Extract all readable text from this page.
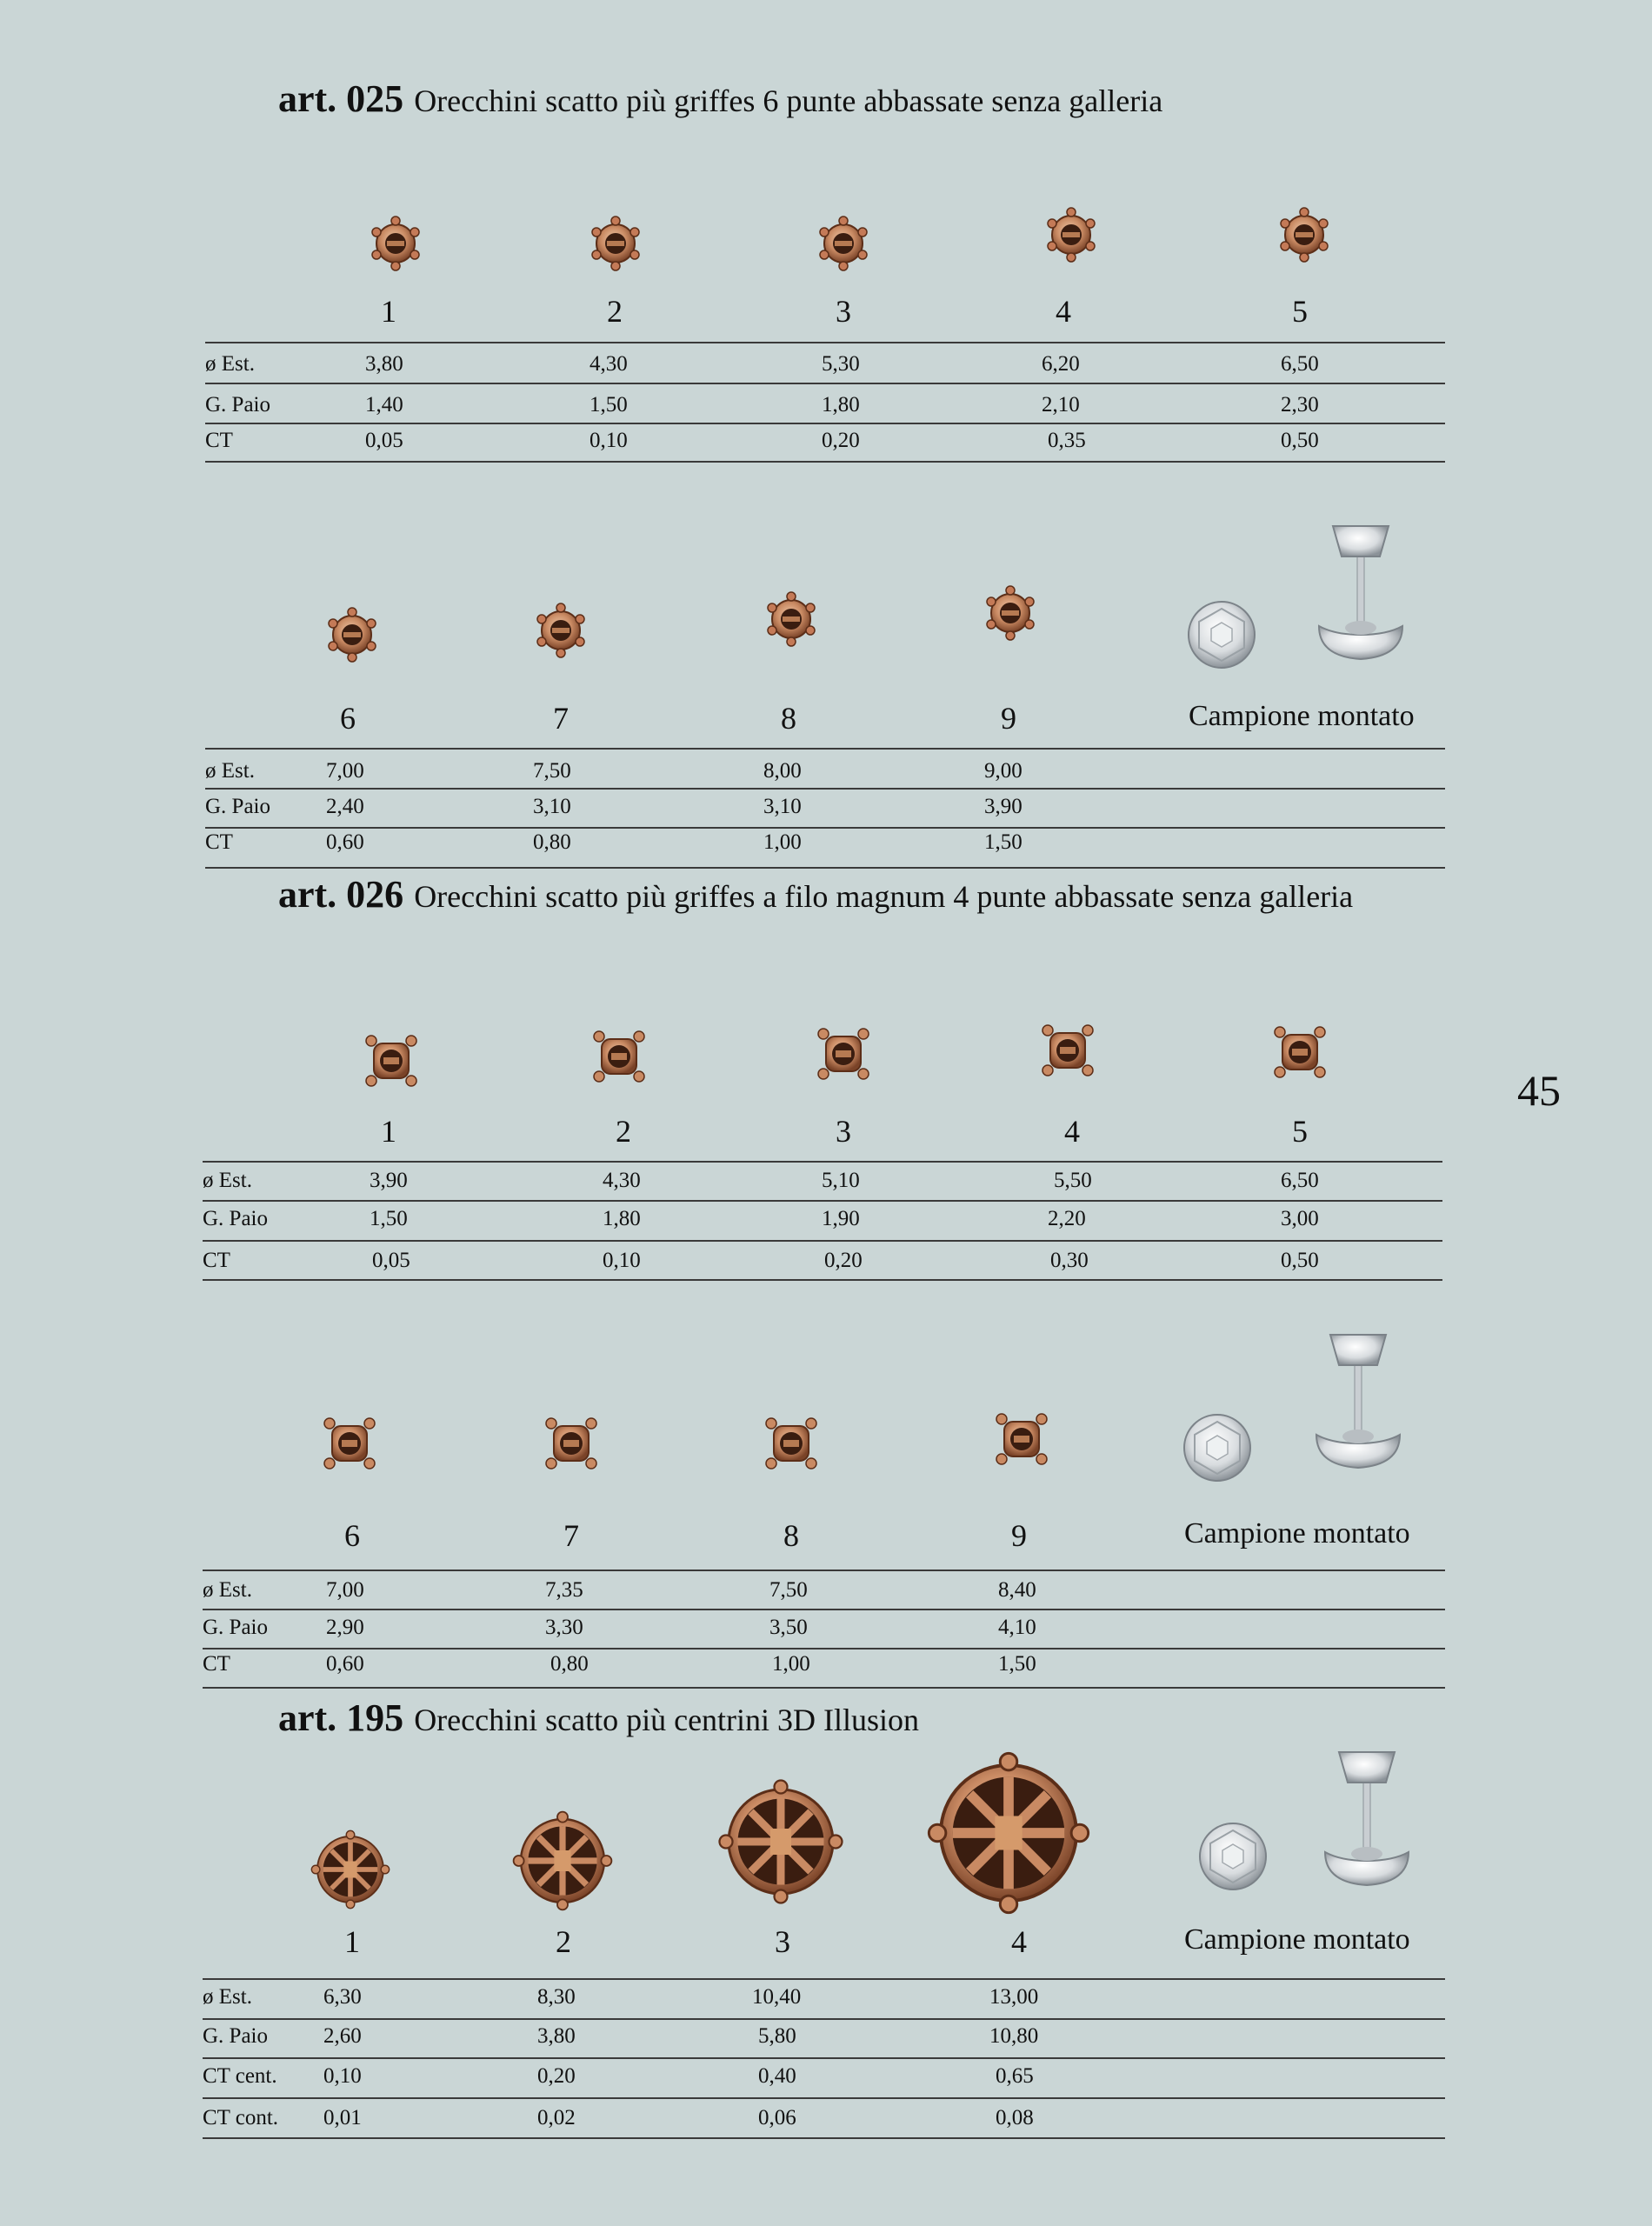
art. 025 Orecchini scatto più griffes 6 punte abbassate senza galleria
1	2	3	4	5
ø Est.	3,80	4,30	5,30	6,20	6,50
G. Paio	1,40	1,50	1,80	2,10	2,30
CT	0,05	0,10	0,20	0,35	0,50
6	7	8	9	Campione montato
ø Est.	7,00	7,50	8,00	9,00
G. Paio	2,40	3,10	3,10	3,90
CT	0,60	0,80	1,00	1,50
art. 026 Orecchini scatto più griffes a filo magnum 4 punte abbassate senza galleria
1	2	3	4	5
ø Est.	3,90	4,30	5,10	5,50	6,50
G. Paio	1,50	1,80	1,90	2,20	3,00
CT	0,05	0,10	0,20	0,30	0,50
6	7	8	9	Campione montato
ø Est.	7,00	7,35	7,50	8,40
G. Paio	2,90	3,30	3,50	4,10
CT	0,60	0,80	1,00	1,50
art. 195 Orecchini scatto più centrini 3D Illusion
1	2	3	4	Campione montato
ø Est.	6,30	8,30	10,40	13,00
G. Paio	2,60	3,80	5,80	10,80
CT cent. 0,10	0,20	0,40	0,65
CT cont. 0,01	0,02	0,06	0,08
45
